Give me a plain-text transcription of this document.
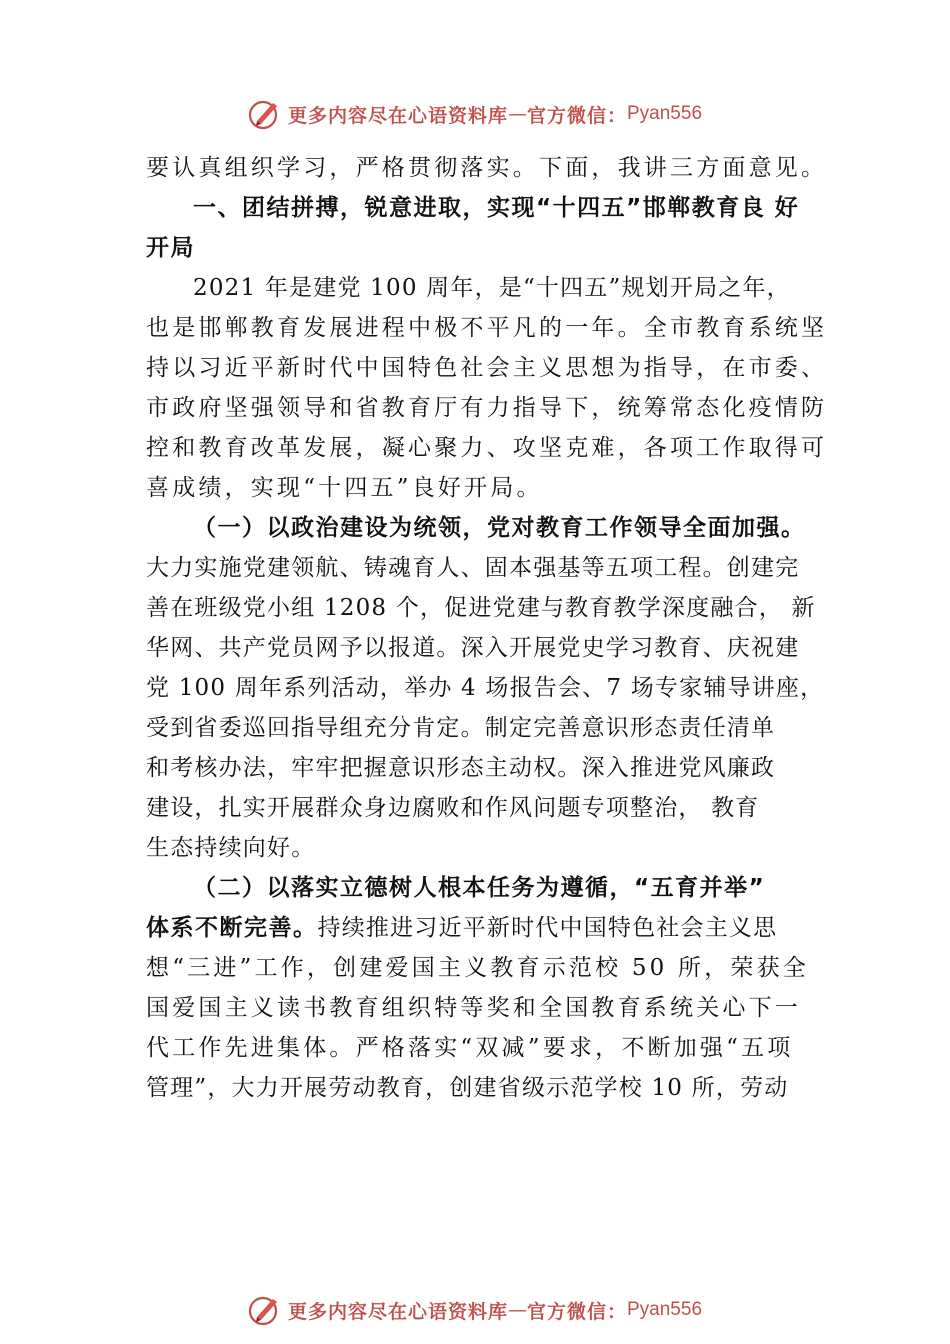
更多内容尽在心语资料库 — 官方微信： Pyan556
要认真组织学习，严格贯彻落实。下面，我讲三方面意见。
一、团结拼搏，锐意进取，实现“十四五”邯郸教育良 好
开局
2021 年是建党 100 周年，是“十四五”规划开局之年，
也是邯郸教育发展进程中极不平凡的一年。全市教育系统坚
持以习近平新时代中国特色社会主义思想为指导，在市委、
市政府坚强领导和省教育厅有力指导下，统筹常态化疫情防
控和教育改革发展，凝心聚力、攻坚克难，各项工作取得可
喜成绩，实现“十四五”良好开局。
（一）以政治建设为统领，党对教育工作领导全面加强。
大力实施党建领航、铸魂育人、固本强基等五项工程。创建完
善在班级党小组 1208 个，促进党建与教育教学深度融合， 新
华网、共产党员网予以报道。深入开展党史学习教育、庆祝建
党 100 周年系列活动，举办 4 场报告会、7 场专家辅导讲座，
受到省委巡回指导组充分肯定。制定完善意识形态责任清单
和考核办法，牢牢把握意识形态主动权。深入推进党风廉政
建设，扎实开展群众身边腐败和作风问题专项整治， 教育
生态持续向好。
（二）以落实立德树人根本任务为遵循，“五育并举”
体系不断完善。持续推进习近平新时代中国特色社会主义思
想“三进”工作，创建爱国主义教育示范校 50 所，荣获全
国爱国主义读书教育组织特等奖和全国教育系统关心下一
代工作先进集体。严格落实“双减”要求，不断加强“五项
管理”，大力开展劳动教育，创建省级示范学校 10 所，劳动
更多内容尽在心语资料库 — 官方微信： Pyan556
